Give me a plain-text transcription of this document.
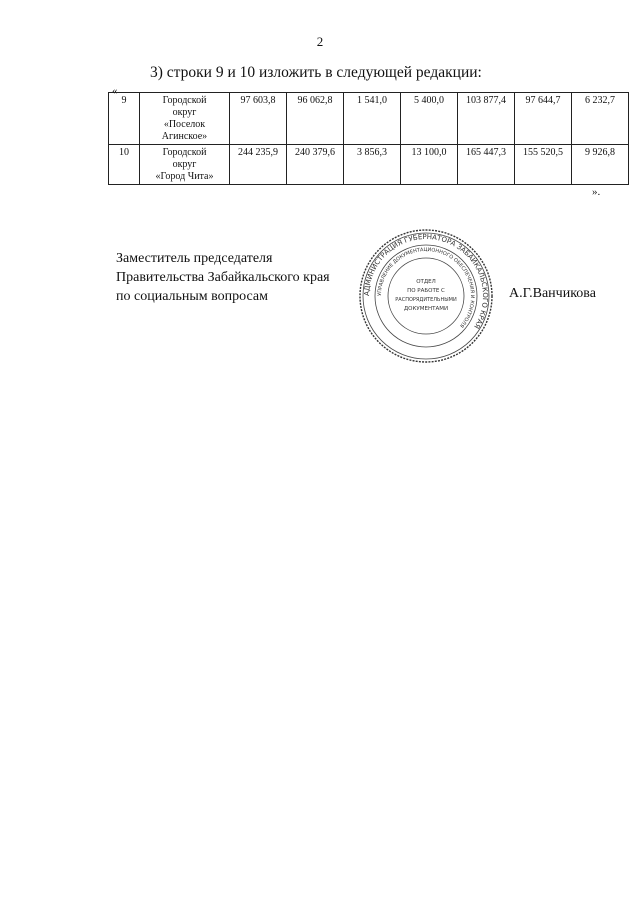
2
3) строки 9 и 10 изложить в следующей редакции:
«
9	Городской
округ
«Поселок
Агинское»	97 603,8	96 062,8	1 541,0	5 400,0	103 877,4	97 644,7	6 232,7
10	Городской
округ
«Город Чита»	244 235,9	240 379,6	3 856,3	13 100,0	165 447,3	155 520,5	9 926,8
».
Заместитель председателя
Правительства Забайкальского края
по социальным вопросам	А.Г.Ванчикова
АДМИНИСТРАЦИЯ ГУБЕРНАТОРА ЗАБАЙКАЛЬСКОГО КРАЯ
УПРАВЛЕНИЕ ДОКУМЕНТАЦИОННОГО ОБЕСПЕЧЕНИЯ И КОНТРОЛЯ
ОТДЕЛ
ПО РАБОТЕ С
РАСПОРЯДИТЕЛЬНЫМИ
ДОКУМЕНТАМИ
